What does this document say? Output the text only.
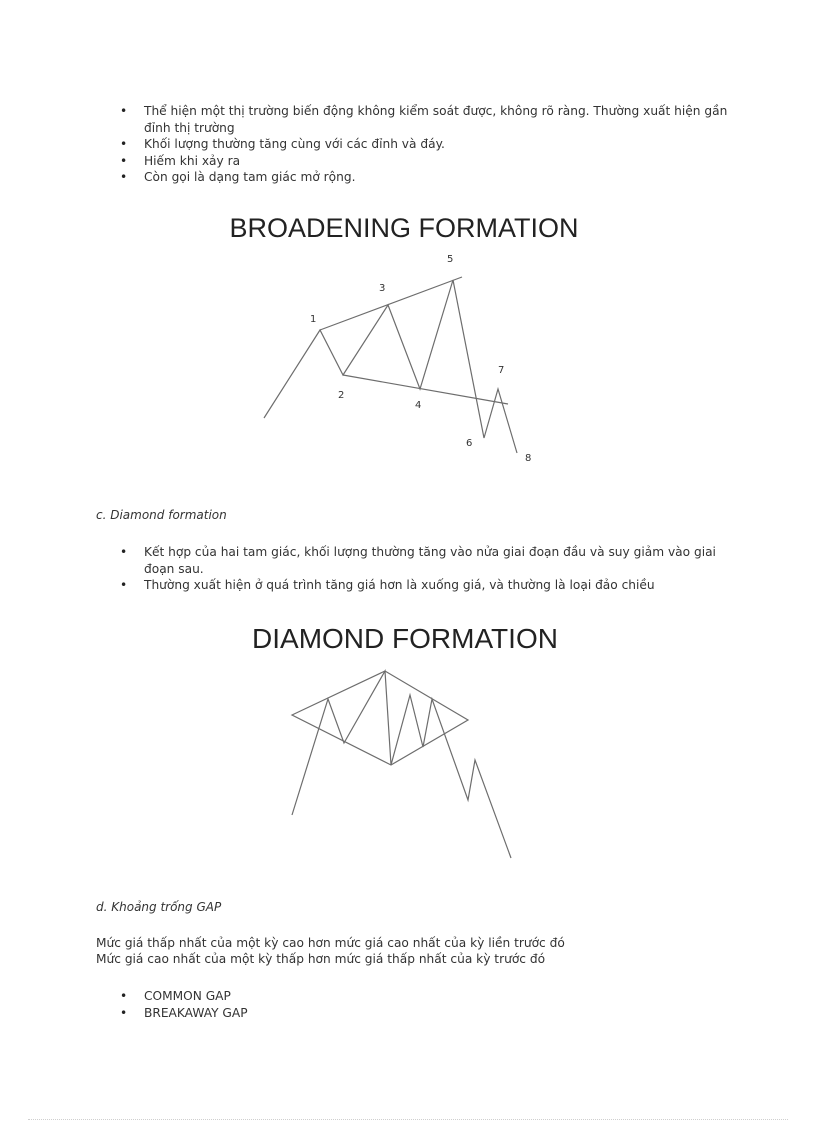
• Thể hiện một thị trường biến động không kiểm soát được, không rõ ràng. Thường xuất hiện gần đỉnh thị trường
• Khối lượng thường tăng cùng với các đỉnh và đáy.
• Hiếm khi xảy ra
• Còn gọi là dạng tam giác mở rộng.
BROADENING FORMATION
1
2
3
4
5
6
7
8
c. Diamond formation
• Kết hợp của hai tam giác, khối lượng thường tăng vào nửa giai đoạn đầu và suy giảm vào giai đoạn sau.
• Thường xuất hiện ở quá trình tăng giá hơn là xuống giá, và thường là loại đảo chiều
DIAMOND FORMATION
d. Khoảng trống GAP
Mức giá thấp nhất của một kỳ cao hơn mức giá cao nhất của kỳ liền trước đó
Mức giá cao nhất của một kỳ thấp hơn mức giá thấp nhất của kỳ trước đó
• COMMON GAP
• BREAKAWAY GAP
